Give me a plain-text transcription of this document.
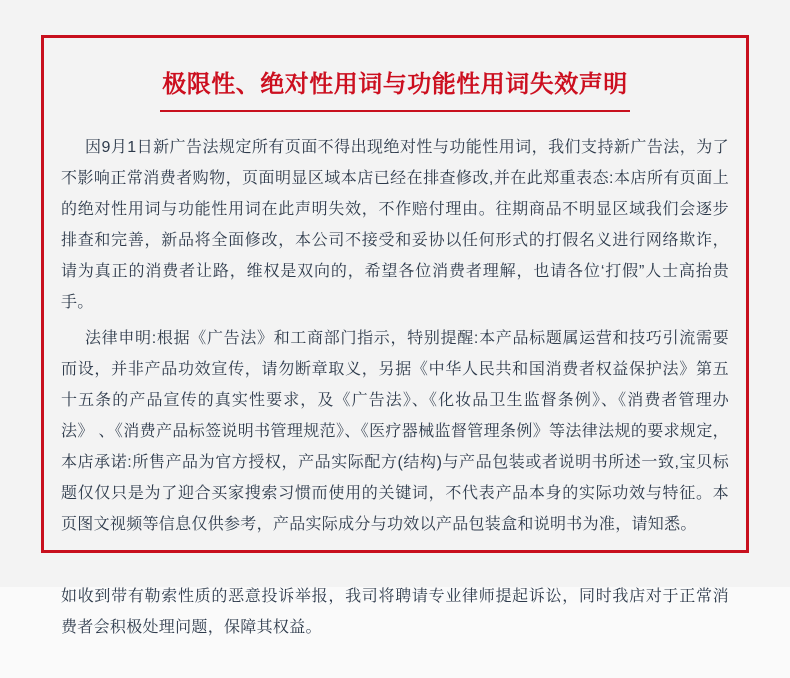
极限性、绝对性用词与功能性用词失效声明

因9月1日新广告法规定所有页面不得出现绝对性与功能性用词，我们支持新广告法，为了不影响正常消费者购物，页面明显区域本店已经在排查修改,并在此郑重表态:本店所有页面上的绝对性用词与功能性用词在此声明失效，不作赔付理由。往期商品不明显区域我们会逐步排查和完善，新品将全面修改，本公司不接受和妥协以任何形式的打假名义进行网络欺诈，请为真正的消费者让路，维权是双向的，希望各位消费者理解，也请各位‘打假”人士高抬贵手。

法律申明:根据《广告法》和工商部门指示，特别提醒:本产品标题属运营和技巧引流需要而设，并非产品功效宣传，请勿断章取义，另据《中华人民共和国消费者权益保护法》第五十五条的产品宣传的真实性要求，及《广告法》、《化妆品卫生监督条例》、《消费者管理办法》 、《消费产品标签说明书管理规范》、《医疗器械监督管理条例》等法律法规的要求规定，本店承诺:所售产品为官方授权，产品实际配方(结构)与产品包装或者说明书所述一致,宝贝标题仅仅只是为了迎合买家搜索习惯而使用的关键词，不代表产品本身的实际功效与特征。本页图文视频等信息仅供参考，产品实际成分与功效以产品包装盒和说明书为准，请知悉。

如收到带有勒索性质的恶意投诉举报，我司将聘请专业律师提起诉讼，同时我店对于正常消费者会积极处理问题，保障其权益。
